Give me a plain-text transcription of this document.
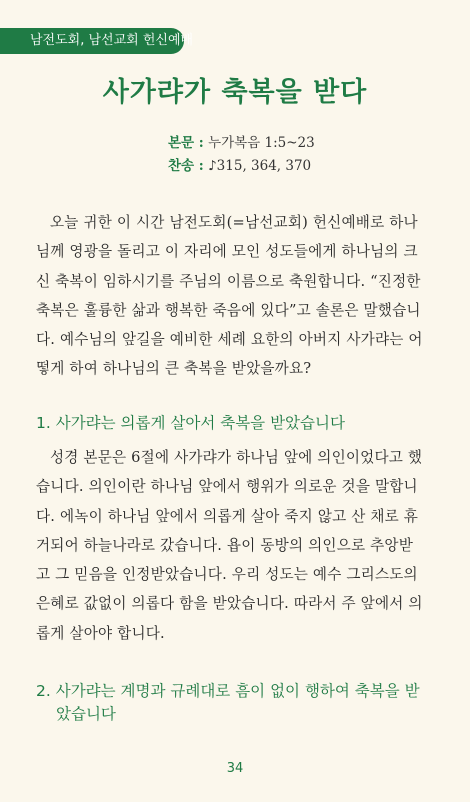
남전도회, 남선교회 헌신예배
사가랴가 축복을 받다
본문 : 누가복음 1:5~23
찬송 : ♪315, 364, 370
오늘 귀한 이 시간 남전도회(=남선교회) 헌신예배로 하나
님께 영광을 돌리고 이 자리에 모인 성도들에게 하나님의 크
신 축복이 임하시기를 주님의 이름으로 축원합니다. “진정한
축복은 훌륭한 삶과 행복한 죽음에 있다”고 솔론은 말했습니
다. 예수님의 앞길을 예비한 세례 요한의 아버지 사가랴는 어
떻게 하여 하나님의 큰 축복을 받았을까요?
1. 사가랴는 의롭게 살아서 축복을 받았습니다
성경 본문은 6절에 사가랴가 하나님 앞에 의인이었다고 했
습니다. 의인이란 하나님 앞에서 행위가 의로운 것을 말합니
다. 에녹이 하나님 앞에서 의롭게 살아 죽지 않고 산 채로 휴
거되어 하늘나라로 갔습니다. 욥이 동방의 의인으로 추앙받
고 그 믿음을 인정받았습니다. 우리 성도는 예수 그리스도의
은혜로 값없이 의롭다 함을 받았습니다. 따라서 주 앞에서 의
롭게 살아야 합니다.
2. 사가랴는 계명과 규례대로 흠이 없이 행하여 축복을 받
았습니다
34
